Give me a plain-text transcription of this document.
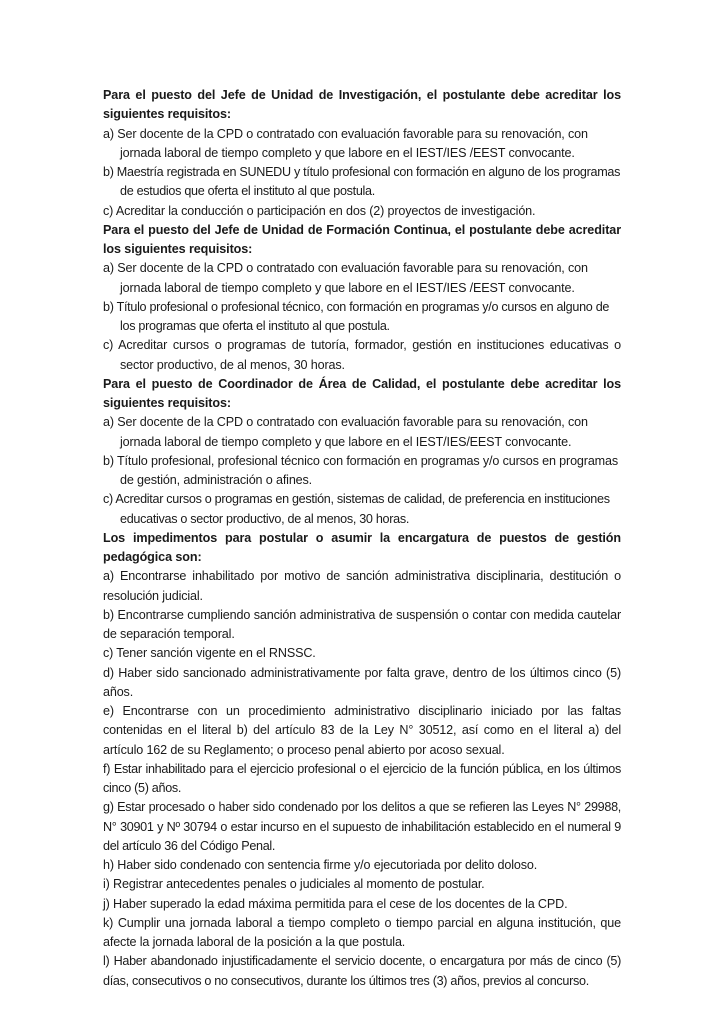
Para el puesto del Jefe de Unidad de Investigación, el postulante debe acreditar los siguientes requisitos:
a) Ser docente de la CPD o contratado con evaluación favorable para su renovación, con jornada laboral de tiempo completo y que labore en el IEST/IES /EEST convocante.
b) Maestría registrada en SUNEDU y título profesional con formación en alguno de los programas de estudios que oferta el instituto al que postula.
c) Acreditar la conducción o participación en dos (2) proyectos de investigación.
Para el puesto del Jefe de Unidad de Formación Continua, el postulante debe acreditar los siguientes requisitos:
a) Ser docente de la CPD o contratado con evaluación favorable para su renovación, con jornada laboral de tiempo completo y que labore en el IEST/IES /EEST convocante.
b) Título profesional o profesional técnico, con formación en programas y/o cursos en alguno de los programas que oferta el instituto al que postula.
c) Acreditar cursos o programas de tutoría, formador, gestión en instituciones educativas o sector productivo, de al menos, 30 horas.
Para el puesto de Coordinador de Área de Calidad, el postulante debe acreditar los siguientes requisitos:
a) Ser docente de la CPD o contratado con evaluación favorable para su renovación, con jornada laboral de tiempo completo y que labore en el IEST/IES/EEST convocante.
b) Título profesional, profesional técnico con formación en programas y/o cursos en programas de gestión, administración o afines.
c) Acreditar cursos o programas en gestión, sistemas de calidad, de preferencia en instituciones educativas o sector productivo, de al menos, 30 horas.
Los impedimentos para postular o asumir la encargatura de puestos de gestión pedagógica son:
a) Encontrarse inhabilitado por motivo de sanción administrativa disciplinaria, destitución o resolución judicial.
b) Encontrarse cumpliendo sanción administrativa de suspensión o contar con medida cautelar de separación temporal.
c) Tener sanción vigente en el RNSSC.
d) Haber sido sancionado administrativamente por falta grave, dentro de los últimos cinco (5) años.
e) Encontrarse con un procedimiento administrativo disciplinario iniciado por las faltas contenidas en el literal b) del artículo 83 de la Ley N° 30512, así como en el literal a) del artículo 162 de su Reglamento; o proceso penal abierto por acoso sexual.
f) Estar inhabilitado para el ejercicio profesional o el ejercicio de la función pública, en los últimos cinco (5) años.
g) Estar procesado o haber sido condenado por los delitos a que se refieren las Leyes N° 29988, N° 30901 y Nº 30794 o estar incurso en el supuesto de inhabilitación establecido en el numeral 9 del artículo 36 del Código Penal.
h) Haber sido condenado con sentencia firme y/o ejecutoriada por delito doloso.
i) Registrar antecedentes penales o judiciales al momento de postular.
j) Haber superado la edad máxima permitida para el cese de los docentes de la CPD.
k) Cumplir una jornada laboral a tiempo completo o tiempo parcial en alguna institución, que afecte la jornada laboral de la posición a la que postula.
l) Haber abandonado injustificadamente el servicio docente, o encargatura por más de cinco (5) días, consecutivos o no consecutivos, durante los últimos tres (3) años, previos al concurso.
